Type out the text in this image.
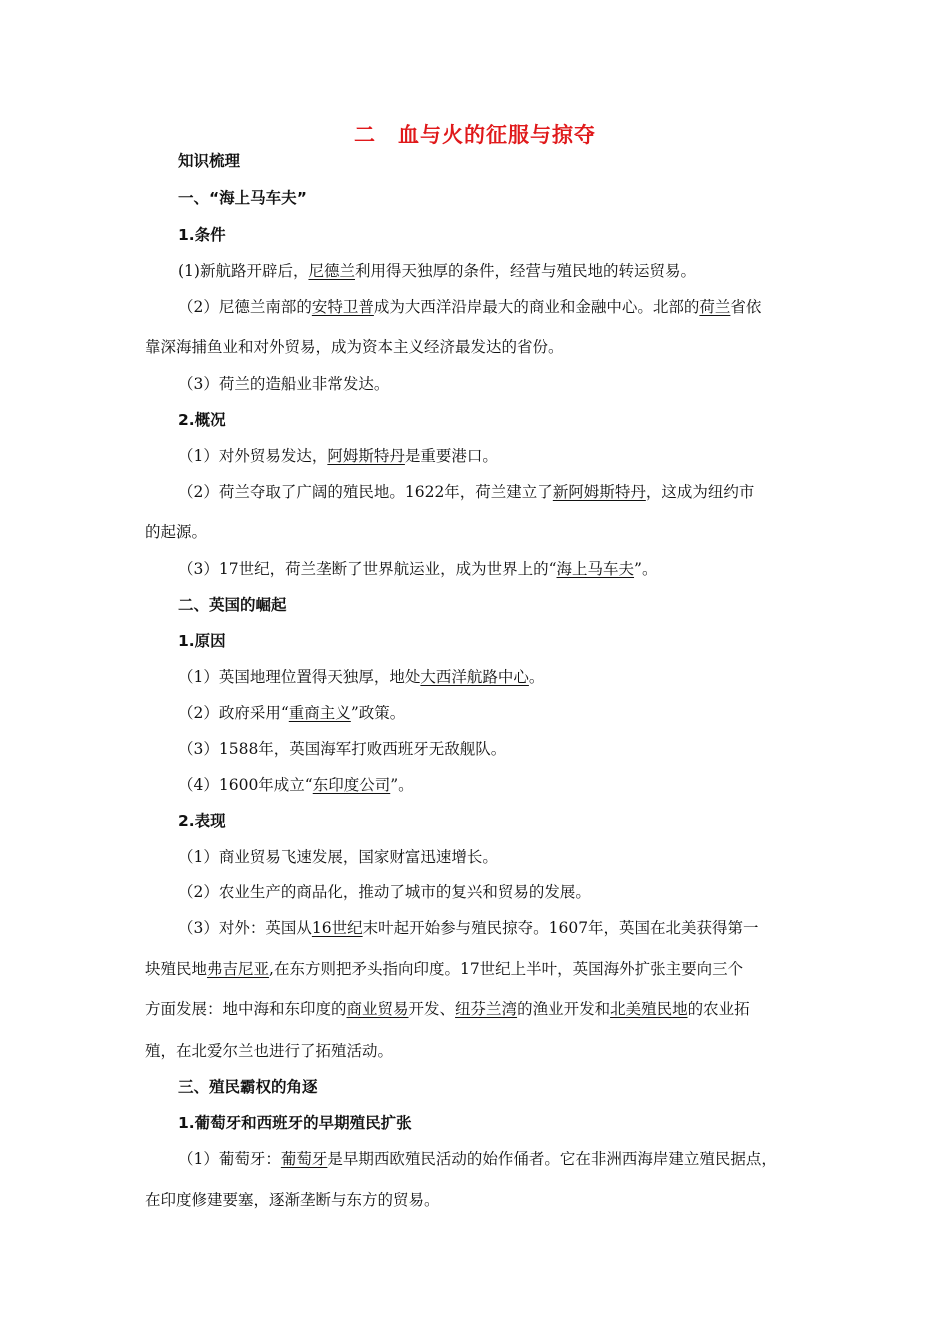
二　血与火的征服与掠夺
知识梳理
一、“海上马车夫”
1.条件
(1)新航路开辟后，尼德兰利用得天独厚的条件，经营与殖民地的转运贸易。
（2）尼德兰南部的安特卫普成为大西洋沿岸最大的商业和金融中心。北部的荷兰省依
靠深海捕鱼业和对外贸易，成为资本主义经济最发达的省份。
（3）荷兰的造船业非常发达。
2.概况
（1）对外贸易发达，阿姆斯特丹是重要港口。
（2）荷兰夺取了广阔的殖民地。1622年，荷兰建立了新阿姆斯特丹，这成为纽约市
的起源。
（3）17世纪，荷兰垄断了世界航运业，成为世界上的“海上马车夫”。
二、英国的崛起
1.原因
（1）英国地理位置得天独厚，地处大西洋航路中心。
（2）政府采用“重商主义”政策。
（3）1588年，英国海军打败西班牙无敌舰队。
（4）1600年成立“东印度公司”。
2.表现
（1）商业贸易飞速发展，国家财富迅速增长。
（2）农业生产的商品化，推动了城市的复兴和贸易的发展。
（3）对外：英国从16世纪末叶起开始参与殖民掠夺。1607年，英国在北美获得第一
块殖民地弗吉尼亚,在东方则把矛头指向印度。17世纪上半叶，英国海外扩张主要向三个
方面发展：地中海和东印度的商业贸易开发、纽芬兰湾的渔业开发和北美殖民地的农业拓
殖，在北爱尔兰也进行了拓殖活动。
三、殖民霸权的角逐
1.葡萄牙和西班牙的早期殖民扩张
（1）葡萄牙：葡萄牙是早期西欧殖民活动的始作俑者。它在非洲西海岸建立殖民据点，
在印度修建要塞，逐渐垄断与东方的贸易。
